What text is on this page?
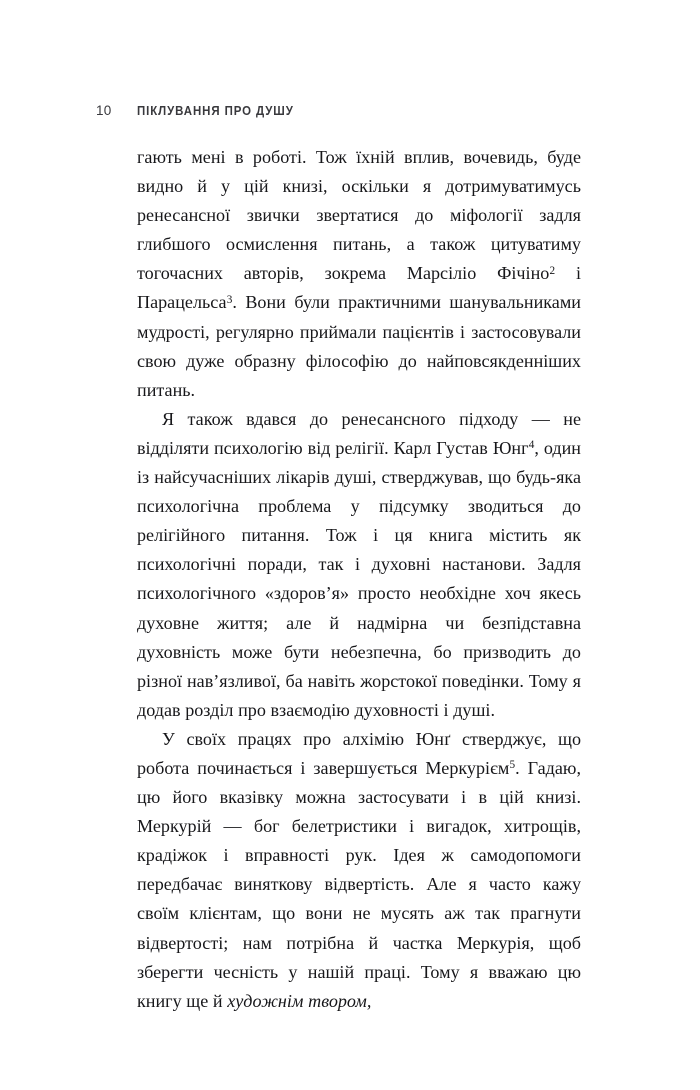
10	ПІКЛУВАННЯ ПРО ДУШУ

гають мені в роботі. Тож їхній вплив, вочевидь, буде видно й у цій книзі, оскільки я дотримуватимусь ренесансної звички звертатися до міфології задля глибшого осмислення питань, а також цитуватиму тогочасних авторів, зокрема Марсіліо Фічіно$^2$ і Парацельса$^3$. Вони були практичними шанувальниками мудрості, регулярно приймали пацієнтів і застосовували свою дуже образну філософію до найповсякденніших питань.

Я також вдався до ренесансного підходу — не відділяти психологію від релігії. Карл Густав Юнг$^4$, один із найсучасніших лікарів душі, стверджував, що будь-яка психологічна проблема у підсумку зводиться до релігійного питання. Тож і ця книга містить як психологічні поради, так і духовні настанови. Задля психологічного «здоров’я» просто необхідне хоч якесь духовне життя; але й надмірна чи безпідставна духовність може бути небезпечна, бо призводить до різної нав’язливої, ба навіть жорстокої поведінки. Тому я додав розділ про взаємодію духовності і душі.

У своїх працях про алхімію Юнґ стверджує, що робота починається і завершується Меркурієм$^5$. Гадаю, цю його вказівку можна застосувати і в цій книзі. Меркурій — бог белетристики і вигадок, хитрощів, крадіжок і вправності рук. Ідея ж самодопомоги передбачає виняткову відвертість. Але я часто кажу своїм клієнтам, що вони не мусять аж так прагнути відвертості; нам потрібна й частка Меркурія, щоб зберегти чесність у нашій праці. Тому я вважаю цю книгу ще й художнім твором,
